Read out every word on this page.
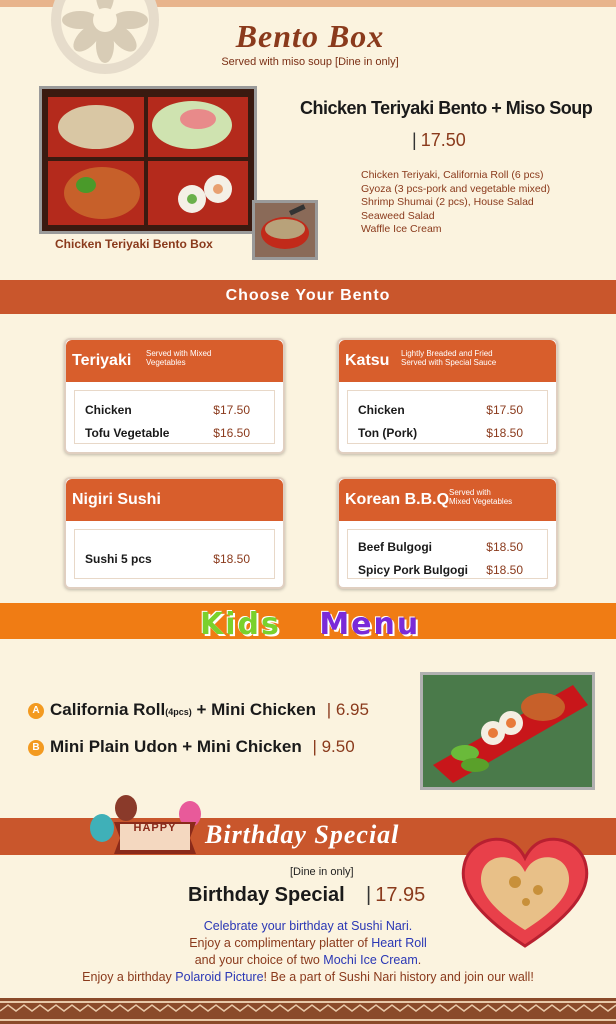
Bento Box
Served with miso soup [Dine in only]
Chicken Teriyaki Bento Box
Chicken Teriyaki Bento + Miso Soup
| 17.50
Chicken Teriyaki, California Roll (6 pcs)
Gyoza (3 pcs-pork and vegetable mixed)
Shrimp Shumai (2 pcs), House Salad
Seaweed Salad
Waffle Ice Cream
Choose Your Bento
Teriyaki Served with Mixed
Vegetables
Chicken	$17.50
Tofu Vegetable	$16.50
Katsu Lightly Breaded and Fried
Served with Special Sauce
Chicken	$17.50
Ton (Pork)	$18.50
Nigiri Sushi
Sushi 5 pcs	$18.50
Korean B.B.Q Served with
Mixed Vegetables
Beef Bulgogi	$18.50
Spicy Pork Bulgogi $18.50
Kids Menu
A California Roll(4pcs) + Mini Chicken | 6.95
B Mini Plain Udon + Mini Chicken | 9.50
HAPPY	Birthday Special
[Dine in only]
Birthday Special | 17.95
Celebrate your birthday at Sushi Nari.
Enjoy a complimentary platter of Heart Roll
and your choice of two Mochi Ice Cream.
Enjoy a birthday Polaroid Picture! Be a part of Sushi Nari history and join our wall!
